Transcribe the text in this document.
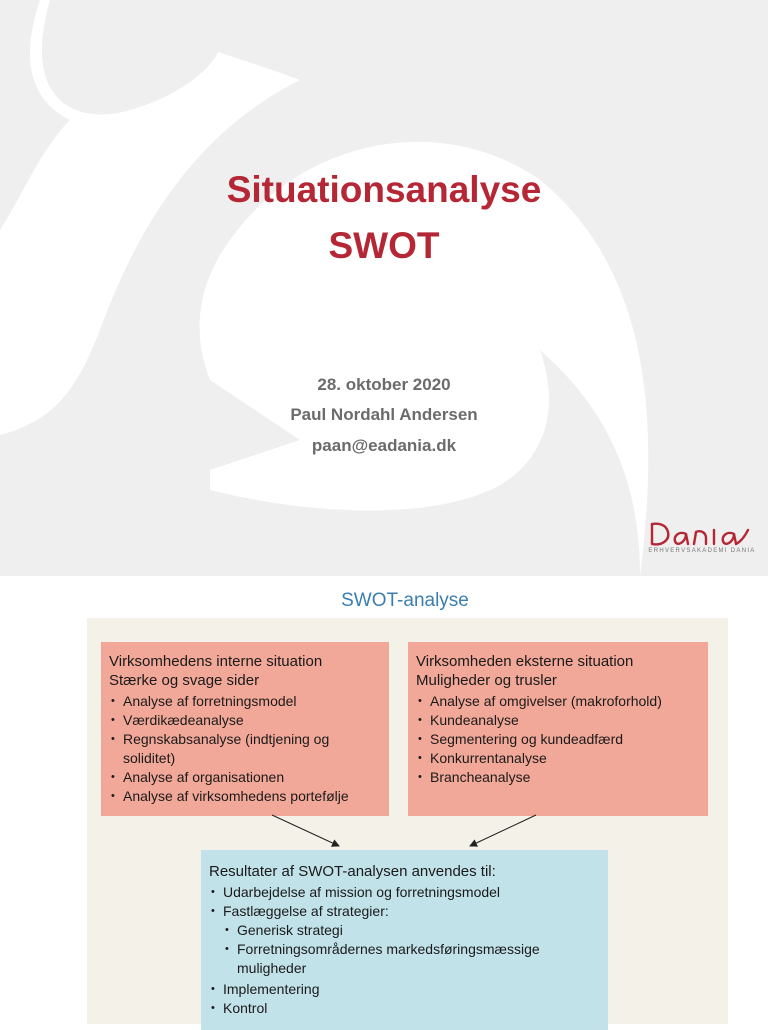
Situationsanalyse
SWOT
28. oktober 2020
Paul Nordahl Andersen
paan@eadania.dk
ERHVERVSAKADEMI DANIA
SWOT-analyse
Virksomhedens interne situation
Stærke og svage sider
• Analyse af forretningsmodel
• Værdikædeanalyse
• Regnskabsanalyse (indtjening og soliditet)
• Analyse af organisationen
• Analyse af virksomhedens portefølje
Virksomheden eksterne situation
Muligheder og trusler
• Analyse af omgivelser (makroforhold)
• Kundeanalyse
• Segmentering og kundeadfærd
• Konkurrentanalyse
• Brancheanalyse
Resultater af SWOT-analysen anvendes til:
• Udarbejdelse af mission og forretningsmodel
• Fastlæggelse af strategier:
• Generisk strategi
• Forretningsområdernes markedsføringsmæssige muligheder
• Implementering
• Kontrol
